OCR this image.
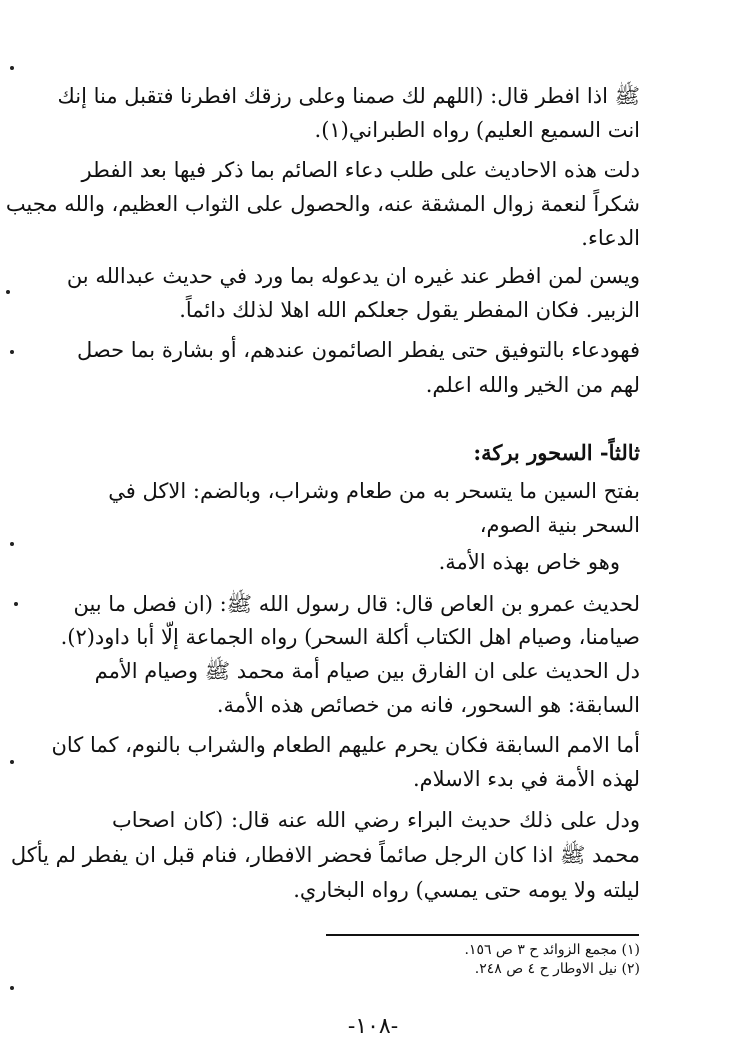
ﷺ اذا افطر قال: (اللهم لك صمنا وعلى رزقك افطرنا فتقبل منا إنك
انت السميع العليم) رواه الطبراني(١).
دلت هذه الاحاديث على طلب دعاء الصائم بما ذكر فيها بعد الفطر
شكراً لنعمة زوال المشقة عنه، والحصول على الثواب العظيم، والله مجيب
الدعاء.
ويسن لمن افطر عند غيره ان يدعوله بما ورد في حديث عبدالله بن
الزبير. فكان المفطر يقول جعلكم الله اهلا لذلك دائماً.
فهودعاء بالتوفيق حتى يفطر الصائمون عندهم، أو بشارة بما حصل
لهم من الخير والله اعلم.
ثالثاً- السحور بركة:
بفتح السين ما يتسحر به من طعام وشراب، وبالضم: الاكل في
السحر بنية الصوم،
وهو خاص بهذه الأمة.
لحديث عمرو بن العاص قال: قال رسول الله ﷺ: (ان فصل ما بين
صيامنا، وصيام اهل الكتاب أكلة السحر) رواه الجماعة إلّا أبا داود(٢).
دل الحديث على ان الفارق بين صيام أمة محمد ﷺ وصيام الأمم
السابقة: هو السحور، فانه من خصائص هذه الأمة.
أما الامم السابقة فكان يحرم عليهم الطعام والشراب بالنوم، كما كان
لهذه الأمة في بدء الاسلام.
ودل على ذلك حديث البراء رضي الله عنه قال: (كان اصحاب
محمد ﷺ اذا كان الرجل صائماً فحضر الافطار، فنام قبل ان يفطر لم يأكل
ليلته ولا يومه حتى يمسي) رواه البخاري.
(١) مجمع الزوائد ح ٣ ص ١٥٦.
(٢) نيل الاوطار ح ٤ ص ٢٤٨.
-١٠٨-
